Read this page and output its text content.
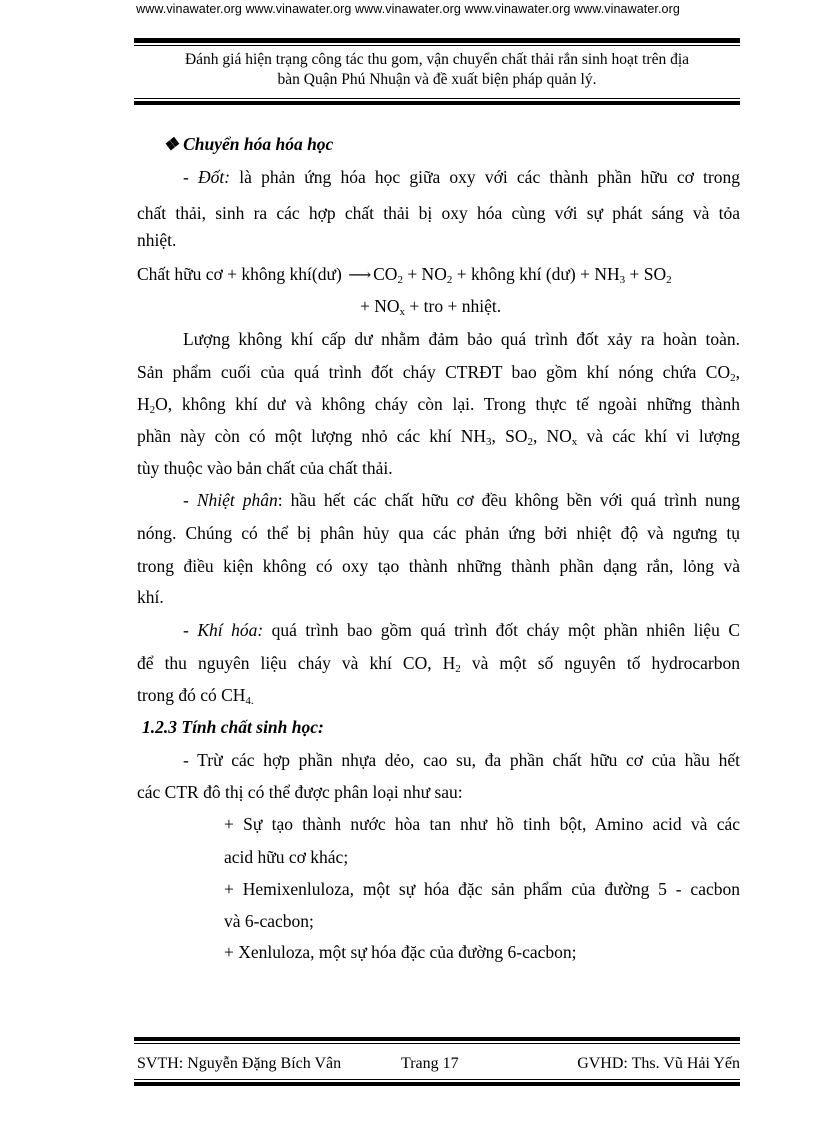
www.vinawater.org www.vinawater.org www.vinawater.org www.vinawater.org www.vinawater.org
Đánh giá hiện trạng công tác thu gom, vận chuyển chất thải rắn sinh hoạt trên địa
bàn Quận Phú Nhuận và đề xuất biện pháp quản lý.
❖ Chuyển hóa hóa học
- Đốt: là phản ứng hóa học giữa oxy với các thành phần hữu cơ trong
chất thải, sinh ra các hợp chất thải bị oxy hóa cùng với sự phát sáng và tỏa
nhiệt.
Chất hữu cơ + không khí(dư) ⟶ $CO_2 + NO_2$ + không khí (dư) + $NH_3 + SO_2$
+ $NO_x$ + tro + nhiệt.
Lượng không khí cấp dư nhằm đảm bảo quá trình đốt xảy ra hoàn toàn.
Sản phẩm cuối của quá trình đốt cháy CTRĐT bao gồm khí nóng chứa $CO_2$,
$H_2O$, không khí dư và không cháy còn lại. Trong thực tế ngoài những thành
phần này còn có một lượng nhỏ các khí $NH_3$, $SO_2$, $NO_x$ và các khí vi lượng
tùy thuộc vào bản chất của chất thải.
- Nhiệt phân: hầu hết các chất hữu cơ đều không bền với quá trình nung
nóng. Chúng có thể bị phân hủy qua các phản ứng bởi nhiệt độ và ngưng tụ
trong điều kiện không có oxy tạo thành những thành phần dạng rắn, lỏng và
khí.
- Khí hóa: quá trình bao gồm quá trình đốt cháy một phần nhiên liệu C
để thu nguyên liệu cháy và khí CO, $H_2$ và một số nguyên tố hydrocarbon
trong đó có $CH_{4.}$
1.2.3 Tính chất sinh học:
- Trừ các hợp phần nhựa dẻo, cao su, đa phần chất hữu cơ của hầu hết
các CTR đô thị có thể được phân loại như sau:
+ Sự tạo thành nước hòa tan như hồ tinh bột, Amino acid và các
acid hữu cơ khác;
+ Hemixenluloza, một sự hóa đặc sản phẩm của đường 5 - cacbon
và 6-cacbon;
+ Xenluloza, một sự hóa đặc của đường 6-cacbon;
SVTH: Nguyễn Đặng Bích Vân	Trang 17	GVHD: Ths. Vũ Hải Yến
